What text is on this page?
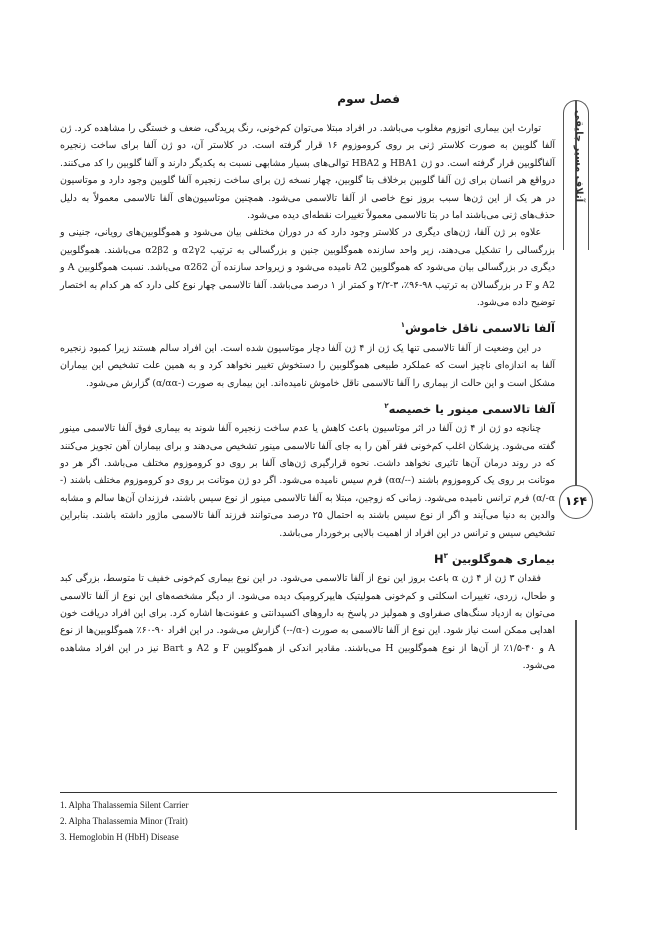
فصل سوم
آتلاف مسیر جایقی
۱۶۴

توارث این بیماری اتوزوم مغلوب می‌باشد. در افراد مبتلا می‌توان کم‌خونی، رنگ پریدگی، ضعف و خستگی را مشاهده کرد. ژن آلفا گلوبین به صورت کلاستر ژنی بر روی کروموزوم ۱۶ قرار گرفته است. در کلاستر آن، دو ژن آلفا برای ساخت زنجیره آلفاگلوبین قرار گرفته است. دو ژن HBA1 و HBA2 توالی‌های بسیار مشابهی نسبت به یکدیگر دارند و آلفا گلوبین را کد می‌کنند. درواقع هر انسان برای ژن آلفا گلوبین برخلاف بتا گلوبین، چهار نسخه ژن برای ساخت زنجیره آلفا گلوبین وجود دارد و موتاسیون در هر یک از این ژن‌ها سبب بروز نوع خاصی از آلفا تالاسمی می‌شود. همچنین موتاسیون‌های آلفا تالاسمی معمولاً به دلیل حذف‌های ژنی می‌باشند اما در بتا تالاسمی معمولاً تغییرات نقطه‌ای دیده می‌شود.

علاوه بر ژن آلفا، ژن‌های دیگری در کلاستر وجود دارد که در دوران مختلفی بیان می‌شود و هموگلوبین‌های رویانی، جنینی و بزرگسالی را تشکیل می‌دهند، زیر واحد سازنده هموگلوبین جنین و بزرگسالی به ترتیب α2γ2 و α2β2 می‌باشند. هموگلوبین دیگری در بزرگسالی بیان می‌شود که هموگلوبین A2 نامیده می‌شود و زیرواحد سازنده آن α2δ2 می‌باشد. نسبت هموگلوبین A و A2 و F در بزرگسالان به ترتیب ۹۸-۹۶٪، ۳-۲/۲ و کمتر از ۱ درصد می‌باشد. آلفا تالاسمی چهار نوع کلی دارد که هر کدام به اختصار توضیح داده می‌شود.

آلفا تالاسمی ناقل خاموش$^۱$

در این وضعیت از آلفا تالاسمی تنها یک ژن از ۴ ژن آلفا دچار موتاسیون شده است. این افراد سالم هستند زیرا کمبود زنجیره آلفا به اندازه‌ای ناچیز است که عملکرد طبیعی هموگلوبین را دستخوش تغییر نخواهد کرد و به همین علت تشخیص این بیماران مشکل است و این حالت از بیماری را آلفا تالاسمی ناقل خاموش نامیده‌اند. این بیماری به صورت (-α/αα) گزارش می‌شود.

آلفا تالاسمی مینور یا خصیصه$^۲$

چنانچه دو ژن از ۴ ژن آلفا در اثر موتاسیون باعث کاهش یا عدم ساخت زنجیره آلفا شوند به بیماری فوق آلفا تالاسمی مینور گفته می‌شود. پزشکان اغلب کم‌خونی فقر آهن را به جای آلفا تالاسمی مینور تشخیص می‌دهند و برای بیماران آهن تجویز می‌کنند که در روند درمان آن‌ها تاثیری نخواهد داشت. نحوه قرارگیری ژن‌های آلفا بر روی دو کروموزوم مختلف می‌باشد. اگر هر دو موتانت بر روی یک کروموزوم باشند (--/αα) فرم سیس نامیده می‌شود. اگر دو ژن موتانت بر روی دو کروموزوم مختلف باشند (-α/-α) فرم ترانس نامیده می‌شود. زمانی که زوجین، مبتلا به آلفا تالاسمی مینور از نوع سیس باشند، فرزندان آن‌ها سالم و مشابه والدین به دنیا می‌آیند و اگر از نوع سیس باشند به احتمال ۲۵ درصد می‌توانند فرزند آلفا تالاسمی ماژور داشته باشند. بنابراین تشخیص سیس و ترانس در این افراد از اهمیت بالایی برخوردار می‌باشد.

بیماری هموگلوبین $H^۳$

فقدان ۳ ژن از ۴ ژن α باعث بروز این نوع از آلفا تالاسمی می‌شود. در این نوع بیماری کم‌خونی خفیف تا متوسط، بزرگی کبد و طحال، زردی، تغییرات اسکلتی و کم‌خونی همولیتیک هایپرکرومیک دیده می‌شود. از دیگر مشخصه‌های این نوع از آلفا تالاسمی می‌توان به ازدیاد سنگ‌های صفراوی و همولیز در پاسخ به داروهای اکسیدانتی و عفونت‌ها اشاره کرد. برای این افراد دریافت خون اهدایی ممکن است نیاز شود. این نوع از آلفا تالاسمی به صورت (-α/--) گزارش می‌شود. در این افراد ۹۰-۶۰٪ هموگلوبین‌ها از نوع A و ۴۰-۱/۵٪ از آن‌ها از نوع هموگلوبین H می‌باشند. مقادیر اندکی از هموگلوبین F و A2 و Bart نیز در این افراد مشاهده می‌شود.

1. Alpha Thalassemia Silent Carrier
2. Alpha Thalassemia Minor (Trait)
3. Hemoglobin H (HbH) Disease
